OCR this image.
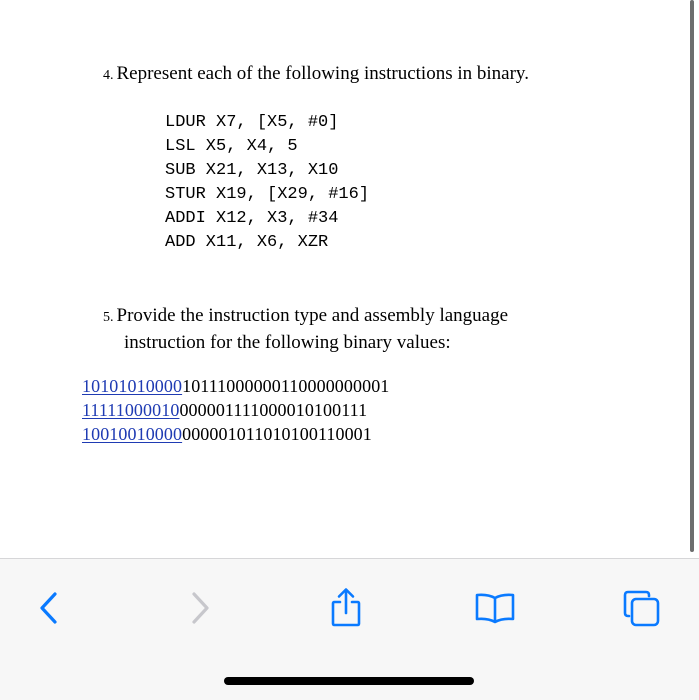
4. Represent each of the following instructions in binary.
LDUR X7, [X5, #0]
LSL X5, X4, 5
SUB X21, X13, X10
STUR X19, [X29, #16]
ADDI X12, X3, #34
ADD X11, X6, XZR
5. Provide the instruction type and assembly language
instruction for the following binary values:
1010101000010111000000110000000001
11111000010000001111000010100111
10010010000000001011010100110001
